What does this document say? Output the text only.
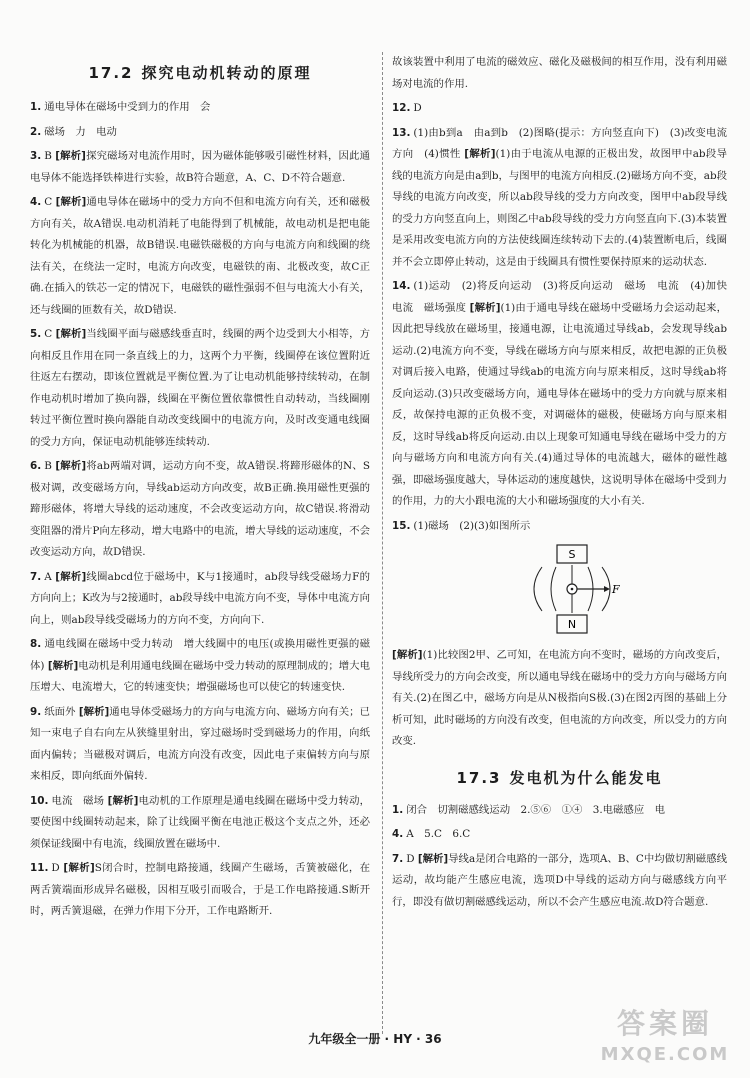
17.2 探究电动机转动的原理
1. 通电导体在磁场中受到力的作用　会
2. 磁场　力　电动
3. B [解析]探究磁场对电流作用时，因为磁体能够吸引磁性材料，因此通电导体不能选择铁棒进行实验，故B符合题意，A、C、D不符合题意.
4. C [解析]通电导体在磁场中的受力方向不但和电流方向有关，还和磁极方向有关，故A错误.电动机消耗了电能得到了机械能，故电动机是把电能转化为机械能的机器，故B错误.电磁铁磁极的方向与电流方向和线圈的绕法有关，在绕法一定时，电流方向改变，电磁铁的南、北极改变，故C正确.在插入的铁芯一定的情况下，电磁铁的磁性强弱不但与电流大小有关，还与线圈的匝数有关，故D错误.
5. C [解析]当线圈平面与磁感线垂直时，线圈的两个边受到大小相等，方向相反且作用在同一条直线上的力，这两个力平衡，线圈停在该位置附近往返左右摆动，即该位置就是平衡位置.为了让电动机能够持续转动，在制作电动机时增加了换向器，线圈在平衡位置依靠惯性自动转动，当线圈刚转过平衡位置时换向器能自动改变线圈中的电流方向，及时改变通电线圈的受力方向，保证电动机能够连续转动.
6. B [解析]将ab两端对调，运动方向不变，故A错误.将蹄形磁体的N、S极对调，改变磁场方向，导线ab运动方向改变，故B正确.换用磁性更强的蹄形磁体，将增大导线的运动速度，不会改变运动方向，故C错误.将滑动变阻器的滑片P向左移动，增大电路中的电流，增大导线的运动速度，不会改变运动方向，故D错误.
7. A [解析]线圈abcd位于磁场中，K与1接通时，ab段导线受磁场力F的方向向上；K改为与2接通时，ab段导线中电流方向不变，导体中电流方向向上，则ab段导线受磁场力的方向不变，方向向下.
8. 通电线圈在磁场中受力转动　增大线圈中的电压(或换用磁性更强的磁体) [解析]电动机是利用通电线圈在磁场中受力转动的原理制成的；增大电压增大、电流增大，它的转速变快；增强磁场也可以使它的转速变快.
9. 纸面外 [解析]通电导体受磁场力的方向与电流方向、磁场方向有关；已知一束电子自右向左从狭缝里射出，穿过磁场时受到磁场力的作用，向纸面内偏转；当磁极对调后，电流方向没有改变，因此电子束偏转方向与原来相反，即向纸面外偏转.
10. 电流　磁场 [解析]电动机的工作原理是通电线圈在磁场中受力转动，要使图中线圈转动起来，除了让线圈平衡在电池正极这个支点之外，还必须保证线圈中有电流，线圈放置在磁场中.
11. D [解析]S闭合时，控制电路接通，线圈产生磁场，舌簧被磁化，在两舌簧端面形成异名磁极，因相互吸引而吸合，于是工作电路接通.S断开时，两舌簧退磁，在弹力作用下分开，工作电路断开.
故该装置中利用了电流的磁效应、磁化及磁极间的相互作用，没有利用磁场对电流的作用.
12. D
13. (1)由b到a　由a到b　(2)图略(提示：方向竖直向下)　(3)改变电流方向　(4)惯性 [解析](1)由于电流从电源的正极出发，故图甲中ab段导线的电流方向是由a到b，与图甲的电流方向相反.(2)磁场方向不变，ab段导线的电流方向改变，所以ab段导线的受力方向改变，图甲中ab段导线的受力方向竖直向上，则图乙中ab段导线的受力方向竖直向下.(3)本装置是采用改变电流方向的方法使线圈连续转动下去的.(4)装置断电后，线圈并不会立即停止转动，这是由于线圈具有惯性要保持原来的运动状态.
14. (1)运动　(2)将反向运动　(3)将反向运动　磁场　电流　(4)加快　电流　磁场强度 [解析](1)由于通电导线在磁场中受磁场力会运动起来，因此把导线放在磁场里，接通电源，让电流通过导线ab，会发现导线ab运动.(2)电流方向不变，导线在磁场方向与原来相反，故把电源的正负极对调后接入电路，使通过导线ab的电流方向与原来相反，这时导线ab将反向运动.(3)只改变磁场方向，通电导体在磁场中的受力方向就与原来相反，故保持电源的正负极不变，对调磁体的磁极，使磁场方向与原来相反，这时导线ab将反向运动.由以上现象可知通电导线在磁场中受力的方向与磁场方向和电流方向有关.(4)通过导体的电流越大，磁体的磁性越强，即磁场强度越大，导体运动的速度越快，这说明导体在磁场中受到力的作用，力的大小跟电流的大小和磁场强度的大小有关.
15. (1)磁场　(2)(3)如图所示
S
N
F
[解析](1)比较图2甲、乙可知，在电流方向不变时，磁场的方向改变后，导线所受力的方向会改变，所以通电导线在磁场中的受力方向与磁场方向有关.(2)在图乙中，磁场方向是从N极指向S极.(3)在图2丙图的基础上分析可知，此时磁场的方向没有改变，但电流的方向改变，所以受力的方向改变.
17.3 发电机为什么能发电
1. 闭合　切割磁感线运动　2.⑤⑥　①④　3.电磁感应　电
4. A　5.C　6.C
7. D [解析]导线a是闭合电路的一部分，选项A、B、C中均做切割磁感线运动，故均能产生感应电流，选项D中导线的运动方向与磁感线方向平行，即没有做切割磁感线运动，所以不会产生感应电流.故D符合题意.
九年级全一册 · HY · 36	答案圈
MXQE.COM
